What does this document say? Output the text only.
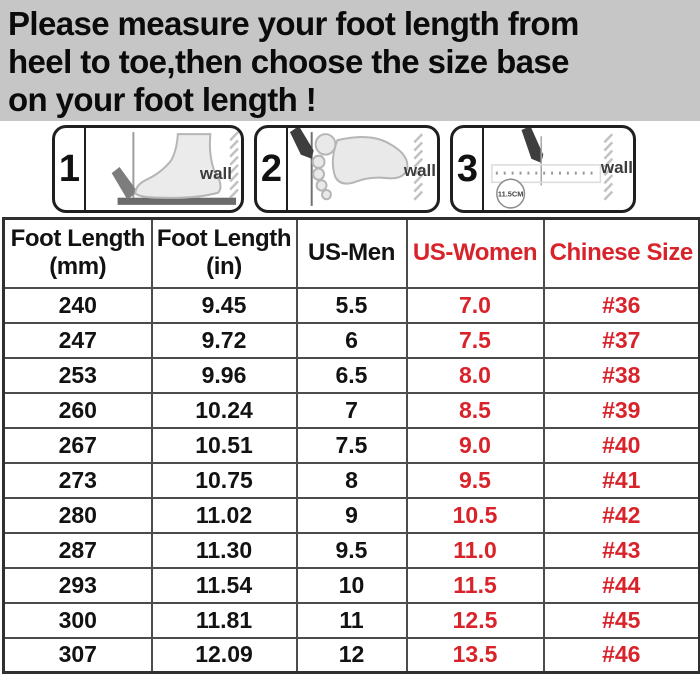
Please measure your foot length from
heel to toe,then choose the size base
on your foot length !
1	wall 2	wall 3
11.5CM
wall
Foot Length
(mm)	Foot Length
(in)	US-Men	US-Women	Chinese Size

240	9.45	5.5	7.0	#36
247	9.72	6	7.5	#37
253	9.96	6.5	8.0	#38
260	10.24	7	8.5	#39
267	10.51	7.5	9.0	#40
273	10.75	8	9.5	#41
280	11.02	9	10.5	#42
287	11.30	9.5	11.0	#43
293	11.54	10	11.5	#44
300	11.81	11	12.5	#45
307	12.09	12	13.5	#46
